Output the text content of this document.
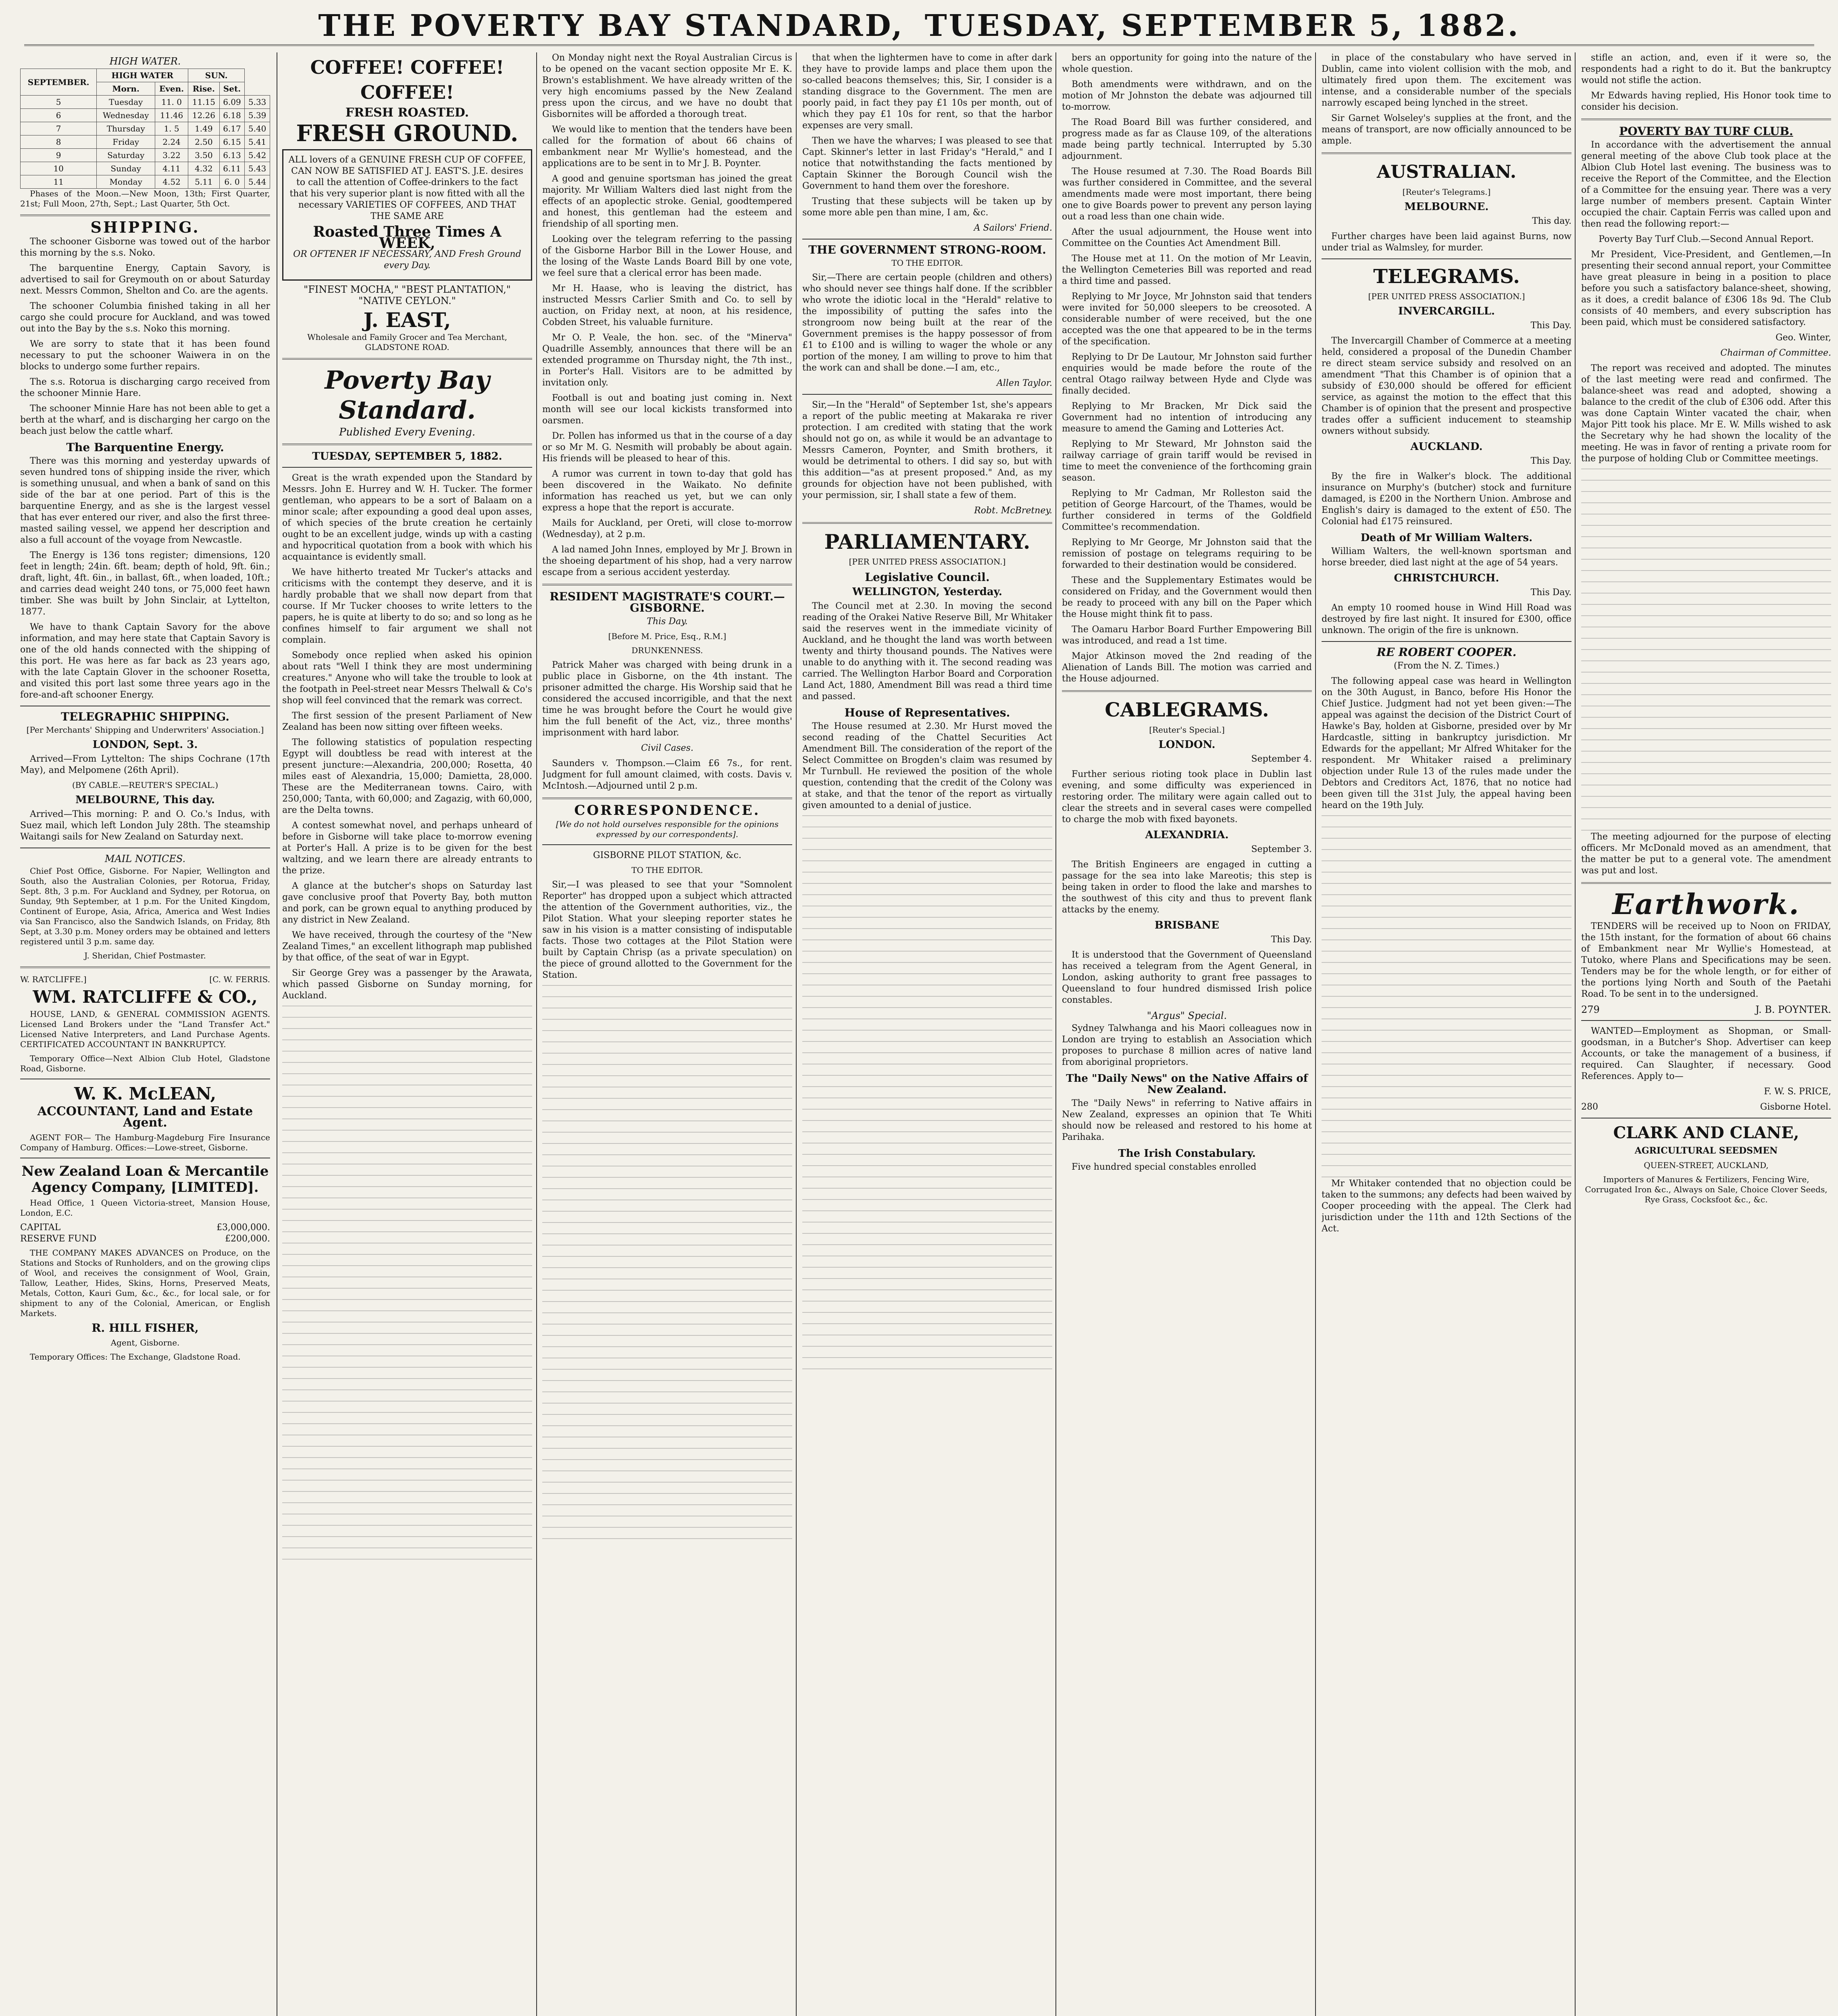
THE POVERTY BAY STANDARD, TUESDAY, SEPTEMBER 5, 1882.
HIGH WATER.
SEPTEMBER.	HIGH WATER		SUN.		
	Morn.	Even.	Rise.	Set.	
5	Tuesday	11. 0	11.15	6.09	5.33
6	Wednesday	11.46	12.26	6.18	5.39
7	Thursday	1. 5	1.49	6.17	5.40
8	Friday	2.24	2.50	6.15	5.41
9	Saturday	3.22	3.50	6.13	5.42
10	Sunday	4.11	4.32	6.11	5.43
11	Monday	4.52	5.11	6. 0	5.44

Phases of the Moon.—New Moon, 13th; First Quarter, 21st; Full Moon, 27th, Sept.; Last Quarter, 5th Oct.

SHIPPING.

The schooner Gisborne was towed out of the harbor this morning by the s.s. Noko.

The barquentine Energy, Captain Savory, is advertised to sail for Greymouth on or about Saturday next. Messrs Common, Shelton and Co. are the agents.

The schooner Columbia finished taking in all her cargo she could procure for Auckland, and was towed out into the Bay by the s.s. Noko this morning.

We are sorry to state that it has been found necessary to put the schooner Waiwera in on the blocks to undergo some further repairs.

The s.s. Rotorua is discharging cargo received from the schooner Minnie Hare.

The schooner Minnie Hare has not been able to get a berth at the wharf, and is discharging her cargo on the beach just below the cattle wharf.

The Barquentine Energy.

There was this morning and yesterday upwards of seven hundred tons of shipping inside the river, which is something unusual, and when a bank of sand on this side of the bar at one period. Part of this is the barquentine Energy, and as she is the largest vessel that has ever entered our river, and also the first three-masted sailing vessel, we append her description and also a full account of the voyage from Newcastle.

The Energy is 136 tons register; dimensions, 120 feet in length; 24in. 6ft. beam; depth of hold, 9ft. 6in.; draft, light, 4ft. 6in., in ballast, 6ft., when loaded, 10ft.; and carries dead weight 240 tons, or 75,000 feet hawn timber. She was built by John Sinclair, at Lyttelton, 1877.

We have to thank Captain Savory for the above information, and may here state that Captain Savory is one of the old hands connected with the shipping of this port. He was here as far back as 23 years ago, with the late Captain Glover in the schooner Rosetta, and visited this port last some three years ago in the fore-and-aft schooner Energy.

TELEGRAPHIC SHIPPING.

[Per Merchants' Shipping and Underwriters' Association.]

LONDON, Sept. 3.

Arrived—From Lyttelton: The ships Cochrane (17th May), and Melpomene (26th April).

(BY CABLE.—REUTER'S SPECIAL.)

MELBOURNE, This day.

Arrived—This morning: P. and O. Co.'s Indus, with Suez mail, which left London July 28th. The steamship Waitangi sails for New Zealand on Saturday next.

MAIL NOTICES.

Chief Post Office, Gisborne. For Napier, Wellington and South, also the Australian Colonies, per Rotorua, Friday, Sept. 8th, 3 p.m. For Auckland and Sydney, per Rotorua, on Sunday, 9th September, at 1 p.m. For the United Kingdom, Continent of Europe, Asia, Africa, America and West Indies via San Francisco, also the Sandwich Islands, on Friday, 8th Sept, at 3.30 p.m. Money orders may be obtained and letters registered until 3 p.m. same day.

J. Sheridan, Chief Postmaster.

W. RATCLIFFE.]	[C. W. FERRIS.
WM. RATCLIFFE & CO.,

HOUSE, LAND, & GENERAL COMMISSION AGENTS. Licensed Land Brokers under the "Land Transfer Act." Licensed Native Interpreters, and Land Purchase Agents. CERTIFICATED ACCOUNTANT IN BANKRUPTCY.

Temporary Office—Next Albion Club Hotel, Gladstone Road, Gisborne.

W. K. McLEAN,

ACCOUNTANT, Land and Estate Agent.

AGENT FOR— The Hamburg-Magdeburg Fire Insurance Company of Hamburg. Offices:—Lowe-street, Gisborne.

New Zealand Loan & Mercantile Agency Company, [LIMITED].

Head Office, 1 Queen Victoria-street, Mansion House, London, E.C.

CAPITAL	£3,000,000.
RESERVE FUND	£200,000.

THE COMPANY MAKES ADVANCES on Produce, on the Stations and Stocks of Runholders, and on the growing clips of Wool, and receives the consignment of Wool, Grain, Tallow, Leather, Hides, Skins, Horns, Preserved Meats, Metals, Cotton, Kauri Gum, &c., &c., for local sale, or for shipment to any of the Colonial, American, or English Markets.

R. HILL FISHER,

Agent, Gisborne.

Temporary Offices: The Exchange, Gladstone Road.

COFFEE! COFFEE! COFFEE!
FRESH ROASTED.
FRESH GROUND.

ALL lovers of a GENUINE FRESH CUP OF COFFEE, CAN NOW BE SATISFIED AT J. EAST'S. J.E. desires to call the attention of Coffee-drinkers to the fact that his very superior plant is now fitted with all the necessary VARIETIES OF COFFEES, AND THAT THE SAME ARE

Roasted Three Times A WEEK,

OR OFTENER IF NECESSARY, AND Fresh Ground every Day.

"FINEST MOCHA," "BEST PLANTATION," "NATIVE CEYLON."

J. EAST,

Wholesale and Family Grocer and Tea Merchant, GLADSTONE ROAD.

Poverty Bay Standard.

Published Every Evening.

TUESDAY, SEPTEMBER 5, 1882.

Great is the wrath expended upon the Standard by Messrs. John E. Hurrey and W. H. Tucker. The former gentleman, who appears to be a sort of Balaam on a minor scale; after expounding a good deal upon asses, of which species of the brute creation he certainly ought to be an excellent judge, winds up with a casting and hypocritical quotation from a book with which his acquaintance is evidently small.

We have hitherto treated Mr Tucker's attacks and criticisms with the contempt they deserve, and it is hardly probable that we shall now depart from that course. If Mr Tucker chooses to write letters to the papers, he is quite at liberty to do so; and so long as he confines himself to fair argument we shall not complain.

Somebody once replied when asked his opinion about rats "Well I think they are most undermining creatures." Anyone who will take the trouble to look at the footpath in Peel-street near Messrs Thelwall & Co's shop will feel convinced that the remark was correct.

The first session of the present Parliament of New Zealand has been now sitting over fifteen weeks.

The following statistics of population respecting Egypt will doubtless be read with interest at the present juncture:—Alexandria, 200,000; Rosetta, 40 miles east of Alexandria, 15,000; Damietta, 28,000. These are the Mediterranean towns. Cairo, with 250,000; Tanta, with 60,000; and Zagazig, with 60,000, are the Delta towns.

A contest somewhat novel, and perhaps unheard of before in Gisborne will take place to-morrow evening at Porter's Hall. A prize is to be given for the best waltzing, and we learn there are already entrants to the prize.

A glance at the butcher's shops on Saturday last gave conclusive proof that Poverty Bay, both mutton and pork, can be grown equal to anything produced by any district in New Zealand.

We have received, through the courtesy of the "New Zealand Times," an excellent lithograph map published by that office, of the seat of war in Egypt.

Sir George Grey was a passenger by the Arawata, which passed Gisborne on Sunday morning, for Auckland.

On Monday night next the Royal Australian Circus is to be opened on the vacant section opposite Mr E. K. Brown's establishment. We have already written of the very high encomiums passed by the New Zealand press upon the circus, and we have no doubt that Gisbornites will be afforded a thorough treat.

We would like to mention that the tenders have been called for the formation of about 66 chains of embankment near Mr Wyllie's homestead, and the applications are to be sent in to Mr J. B. Poynter.

A good and genuine sportsman has joined the great majority. Mr William Walters died last night from the effects of an apoplectic stroke. Genial, goodtempered and honest, this gentleman had the esteem and friendship of all sporting men.

Looking over the telegram referring to the passing of the Gisborne Harbor Bill in the Lower House, and the losing of the Waste Lands Board Bill by one vote, we feel sure that a clerical error has been made.

Mr H. Haase, who is leaving the district, has instructed Messrs Carlier Smith and Co. to sell by auction, on Friday next, at noon, at his residence, Cobden Street, his valuable furniture.

Mr O. P. Veale, the hon. sec. of the "Minerva" Quadrille Assembly, announces that there will be an extended programme on Thursday night, the 7th inst., in Porter's Hall. Visitors are to be admitted by invitation only.

Football is out and boating just coming in. Next month will see our local kickists transformed into oarsmen.

Dr. Pollen has informed us that in the course of a day or so Mr M. G. Nesmith will probably be about again. His friends will be pleased to hear of this.

A rumor was current in town to-day that gold has been discovered in the Waikato. No definite information has reached us yet, but we can only express a hope that the report is accurate.

Mails for Auckland, per Oreti, will close to-morrow (Wednesday), at 2 p.m.

A lad named John Innes, employed by Mr J. Brown in the shoeing department of his shop, had a very narrow escape from a serious accident yesterday.

RESIDENT MAGISTRATE'S COURT.—GISBORNE.

This Day.

[Before M. Price, Esq., R.M.]

DRUNKENNESS.

Patrick Maher was charged with being drunk in a public place in Gisborne, on the 4th instant. The prisoner admitted the charge. His Worship said that he considered the accused incorrigible, and that the next time he was brought before the Court he would give him the full benefit of the Act, viz., three months' imprisonment with hard labor.

Civil Cases.

Saunders v. Thompson.—Claim £6 7s., for rent. Judgment for full amount claimed, with costs. Davis v. McIntosh.—Adjourned until 2 p.m.

CORRESPONDENCE.

[We do not hold ourselves responsible for the opinions expressed by our correspondents].

GISBORNE PILOT STATION, &c.

TO THE EDITOR.

Sir,—I was pleased to see that your "Somnolent Reporter" has dropped upon a subject which attracted the attention of the Government authorities, viz., the Pilot Station. What your sleeping reporter states he saw in his vision is a matter consisting of indisputable facts. Those two cottages at the Pilot Station were built by Captain Chrisp (as a private speculation) on the piece of ground allotted to the Government for the Station.

that when the lightermen have to come in after dark they have to provide lamps and place them upon the so-called beacons themselves; this, Sir, I consider is a standing disgrace to the Government. The men are poorly paid, in fact they pay £1 10s per month, out of which they pay £1 10s for rent, so that the harbor expenses are very small.

Then we have the wharves; I was pleased to see that Capt. Skinner's letter in last Friday's "Herald," and I notice that notwithstanding the facts mentioned by Captain Skinner the Borough Council wish the Government to hand them over the foreshore.

Trusting that these subjects will be taken up by some more able pen than mine, I am, &c.

A Sailors' Friend.

THE GOVERNMENT STRONG-ROOM.

TO THE EDITOR.

Sir,—There are certain people (children and others) who should never see things half done. If the scribbler who wrote the idiotic local in the "Herald" relative to the impossibility of putting the safes into the strongroom now being built at the rear of the Government premises is the happy possessor of from £1 to £100 and is willing to wager the whole or any portion of the money, I am willing to prove to him that the work can and shall be done.—I am, etc.,

Allen Taylor.

Sir,—In the "Herald" of September 1st, she's appears a report of the public meeting at Makaraka re river protection. I am credited with stating that the work should not go on, as while it would be an advantage to Messrs Cameron, Poynter, and Smith brothers, it would be detrimental to others. I did say so, but with this addition—"as at present proposed." And, as my grounds for objection have not been published, with your permission, sir, I shall state a few of them.

Robt. McBretney.

PARLIAMENTARY.

[PER UNITED PRESS ASSOCIATION.]

Legislative Council.
WELLINGTON, Yesterday.

The Council met at 2.30. In moving the second reading of the Orakei Native Reserve Bill, Mr Whitaker said the reserves went in the immediate vicinity of Auckland, and he thought the land was worth between twenty and thirty thousand pounds. The Natives were unable to do anything with it. The second reading was carried. The Wellington Harbor Board and Corporation Land Act, 1880, Amendment Bill was read a third time and passed.

House of Representatives.

The House resumed at 2.30. Mr Hurst moved the second reading of the Chattel Securities Act Amendment Bill. The consideration of the report of the Select Committee on Brogden's claim was resumed by Mr Turnbull. He reviewed the position of the whole question, contending that the credit of the Colony was at stake, and that the tenor of the report as virtually given amounted to a denial of justice.

bers an opportunity for going into the nature of the whole question.

Both amendments were withdrawn, and on the motion of Mr Johnston the debate was adjourned till to-morrow.

The Road Board Bill was further considered, and progress made as far as Clause 109, of the alterations made being partly technical. Interrupted by 5.30 adjournment.

The House resumed at 7.30. The Road Boards Bill was further considered in Committee, and the several amendments made were most important, there being one to give Boards power to prevent any person laying out a road less than one chain wide.

After the usual adjournment, the House went into Committee on the Counties Act Amendment Bill.

The House met at 11. On the motion of Mr Leavin, the Wellington Cemeteries Bill was reported and read a third time and passed.

Replying to Mr Joyce, Mr Johnston said that tenders were invited for 50,000 sleepers to be creosoted. A considerable number of were received, but the one accepted was the one that appeared to be in the terms of the specification.

Replying to Dr De Lautour, Mr Johnston said further enquiries would be made before the route of the central Otago railway between Hyde and Clyde was finally decided.

Replying to Mr Bracken, Mr Dick said the Government had no intention of introducing any measure to amend the Gaming and Lotteries Act.

Replying to Mr Steward, Mr Johnston said the railway carriage of grain tariff would be revised in time to meet the convenience of the forthcoming grain season.

Replying to Mr Cadman, Mr Rolleston said the petition of George Harcourt, of the Thames, would be further considered in terms of the Goldfield Committee's recommendation.

Replying to Mr George, Mr Johnston said that the remission of postage on telegrams requiring to be forwarded to their destination would be considered.

These and the Supplementary Estimates would be considered on Friday, and the Government would then be ready to proceed with any bill on the Paper which the House might think fit to pass.

The Oamaru Harbor Board Further Empowering Bill was introduced, and read a 1st time.

Major Atkinson moved the 2nd reading of the Alienation of Lands Bill. The motion was carried and the House adjourned.

CABLEGRAMS.

[Reuter's Special.]

LONDON.

September 4.

Further serious rioting took place in Dublin last evening, and some difficulty was experienced in restoring order. The military were again called out to clear the streets and in several cases were compelled to charge the mob with fixed bayonets.

ALEXANDRIA.

September 3.

The British Engineers are engaged in cutting a passage for the sea into lake Mareotis; this step is being taken in order to flood the lake and marshes to the southwest of this city and thus to prevent flank attacks by the enemy.

BRISBANE

This Day.

It is understood that the Government of Queensland has received a telegram from the Agent General, in London, asking authority to grant free passages to Queensland to four hundred dismissed Irish police constables.

"Argus" Special.

Sydney Talwhanga and his Maori colleagues now in London are trying to establish an Association which proposes to purchase 8 million acres of native land from aboriginal proprietors.

The "Daily News" on the Native Affairs of New Zealand.

The "Daily News" in referring to Native affairs in New Zealand, expresses an opinion that Te Whiti should now be released and restored to his home at Parihaka.

The Irish Constabulary.

Five hundred special constables enrolled

in place of the constabulary who have served in Dublin, came into violent collision with the mob, and ultimately fired upon them. The excitement was intense, and a considerable number of the specials narrowly escaped being lynched in the street.

Sir Garnet Wolseley's supplies at the front, and the means of transport, are now officially announced to be ample.

AUSTRALIAN.

[Reuter's Telegrams.]

MELBOURNE.

This day.

Further charges have been laid against Burns, now under trial as Walmsley, for murder.

TELEGRAMS.

[PER UNITED PRESS ASSOCIATION.]

INVERCARGILL.

This Day.

The Invercargill Chamber of Commerce at a meeting held, considered a proposal of the Dunedin Chamber re direct steam service subsidy and resolved on an amendment "That this Chamber is of opinion that a subsidy of £30,000 should be offered for efficient service, as against the motion to the effect that this Chamber is of opinion that the present and prospective trades offer a sufficient inducement to steamship owners without subsidy.

AUCKLAND.

This Day.

By the fire in Walker's block. The additional insurance on Murphy's (butcher) stock and furniture damaged, is £200 in the Northern Union. Ambrose and English's dairy is damaged to the extent of £50. The Colonial had £175 reinsured.

Death of Mr William Walters.

William Walters, the well-known sportsman and horse breeder, died last night at the age of 54 years.

CHRISTCHURCH.

This Day.

An empty 10 roomed house in Wind Hill Road was destroyed by fire last night. It insured for £300, office unknown. The origin of the fire is unknown.

RE ROBERT COOPER.

(From the N. Z. Times.)

The following appeal case was heard in Wellington on the 30th August, in Banco, before His Honor the Chief Justice. Judgment had not yet been given:—The appeal was against the decision of the District Court of Hawke's Bay, holden at Gisborne, presided over by Mr Hardcastle, sitting in bankruptcy jurisdiction. Mr Edwards for the appellant; Mr Alfred Whitaker for the respondent. Mr Whitaker raised a preliminary objection under Rule 13 of the rules made under the Debtors and Creditors Act, 1876, that no notice had been given till the 31st July, the appeal having been heard on the 19th July.

Mr Whitaker contended that no objection could be taken to the summons; any defects had been waived by Cooper proceeding with the appeal. The Clerk had jurisdiction under the 11th and 12th Sections of the Act.

stifle an action, and, even if it were so, the respondents had a right to do it. But the bankruptcy would not stifle the action.

Mr Edwards having replied, His Honor took time to consider his decision.

POVERTY BAY TURF CLUB.

In accordance with the advertisement the annual general meeting of the above Club took place at the Albion Club Hotel last evening. The business was to receive the Report of the Committee, and the Election of a Committee for the ensuing year. There was a very large number of members present. Captain Winter occupied the chair. Captain Ferris was called upon and then read the following report:—

Poverty Bay Turf Club.—Second Annual Report.

Mr President, Vice-President, and Gentlemen,—In presenting their second annual report, your Committee have great pleasure in being in a position to place before you such a satisfactory balance-sheet, showing, as it does, a credit balance of £306 18s 9d. The Club consists of 40 members, and every subscription has been paid, which must be considered satisfactory.

Geo. Winter,

Chairman of Committee.

The report was received and adopted. The minutes of the last meeting were read and confirmed. The balance-sheet was read and adopted, showing a balance to the credit of the club of £306 odd. After this was done Captain Winter vacated the chair, when Major Pitt took his place. Mr E. W. Mills wished to ask the Secretary why he had shown the locality of the meeting. He was in favor of renting a private room for the purpose of holding Club or Committee meetings.

The meeting adjourned for the purpose of electing officers. Mr McDonald moved as an amendment, that the matter be put to a general vote. The amendment was put and lost.

Earthwork.

TENDERS will be received up to Noon on FRIDAY, the 15th instant, for the formation of about 66 chains of Embankment near Mr Wyllie's Homestead, at Tutoko, where Plans and Specifications may be seen. Tenders may be for the whole length, or for either of the portions lying North and South of the Paetahi Road. To be sent in to the undersigned.

279	J. B. POYNTER.

WANTED—Employment as Shopman, or Small-goodsman, in a Butcher's Shop. Advertiser can keep Accounts, or take the management of a business, if required. Can Slaughter, if necessary. Good References. Apply to—

F. W. S. PRICE,

280	Gisborne Hotel.
CLARK AND CLANE,

AGRICULTURAL SEEDSMEN

QUEEN-STREET, AUCKLAND,

Importers of Manures & Fertilizers, Fencing Wire, Corrugated Iron &c., Always on Sale, Choice Clover Seeds, Rye Grass, Cocksfoot &c., &c.
